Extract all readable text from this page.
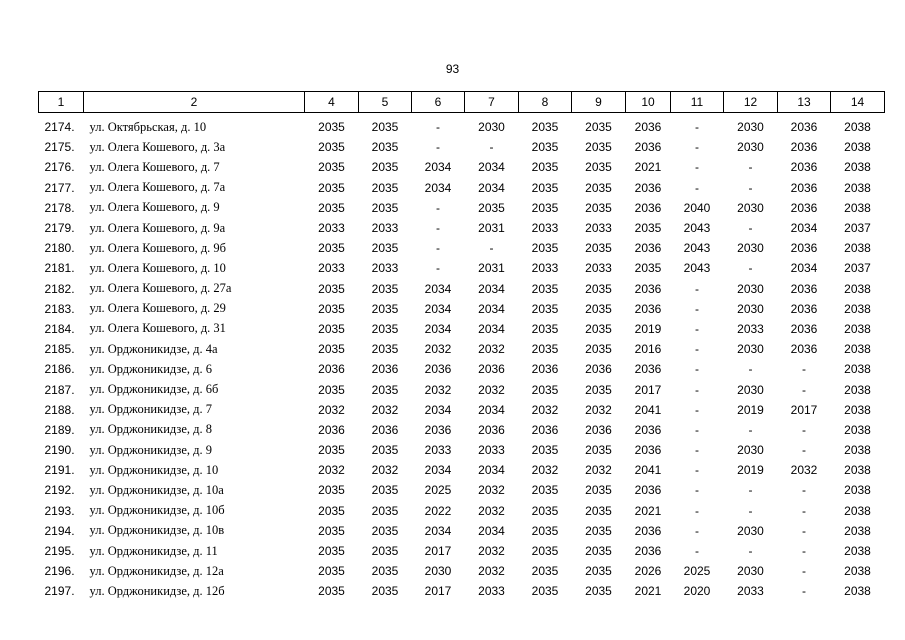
93
1	2	4	5	6	7	8	9	10	11	12	13	14
2174.	ул. Октябрьская, д. 10	2035	2035	-	2030	2035	2035	2036	-	2030	2036	2038
2175.	ул. Олега Кошевого, д. 3а	2035	2035	-	-	2035	2035	2036	-	2030	2036	2038
2176.	ул. Олега Кошевого, д. 7	2035	2035	2034	2034	2035	2035	2021	-	-	2036	2038
2177.	ул. Олега Кошевого, д. 7а	2035	2035	2034	2034	2035	2035	2036	-	-	2036	2038
2178.	ул. Олега Кошевого, д. 9	2035	2035	-	2035	2035	2035	2036	2040	2030	2036	2038
2179.	ул. Олега Кошевого, д. 9а	2033	2033	-	2031	2033	2033	2035	2043	-	2034	2037
2180.	ул. Олега Кошевого, д. 9б	2035	2035	-	-	2035	2035	2036	2043	2030	2036	2038
2181.	ул. Олега Кошевого, д. 10	2033	2033	-	2031	2033	2033	2035	2043	-	2034	2037
2182.	ул. Олега Кошевого, д. 27а	2035	2035	2034	2034	2035	2035	2036	-	2030	2036	2038
2183.	ул. Олега Кошевого, д. 29	2035	2035	2034	2034	2035	2035	2036	-	2030	2036	2038
2184.	ул. Олега Кошевого, д. 31	2035	2035	2034	2034	2035	2035	2019	-	2033	2036	2038
2185.	ул. Орджоникидзе, д. 4а	2035	2035	2032	2032	2035	2035	2016	-	2030	2036	2038
2186.	ул. Орджоникидзе, д. 6	2036	2036	2036	2036	2036	2036	2036	-	-	-	2038
2187.	ул. Орджоникидзе, д. 6б	2035	2035	2032	2032	2035	2035	2017	-	2030	-	2038
2188.	ул. Орджоникидзе, д. 7	2032	2032	2034	2034	2032	2032	2041	-	2019	2017	2038
2189.	ул. Орджоникидзе, д. 8	2036	2036	2036	2036	2036	2036	2036	-	-	-	2038
2190.	ул. Орджоникидзе, д. 9	2035	2035	2033	2033	2035	2035	2036	-	2030	-	2038
2191.	ул. Орджоникидзе, д. 10	2032	2032	2034	2034	2032	2032	2041	-	2019	2032	2038
2192.	ул. Орджоникидзе, д. 10а	2035	2035	2025	2032	2035	2035	2036	-	-	-	2038
2193.	ул. Орджоникидзе, д. 10б	2035	2035	2022	2032	2035	2035	2021	-	-	-	2038
2194.	ул. Орджоникидзе, д. 10в	2035	2035	2034	2034	2035	2035	2036	-	2030	-	2038
2195.	ул. Орджоникидзе, д. 11	2035	2035	2017	2032	2035	2035	2036	-	-	-	2038
2196.	ул. Орджоникидзе, д. 12а	2035	2035	2030	2032	2035	2035	2026	2025	2030	-	2038
2197.	ул. Орджоникидзе, д. 12б	2035	2035	2017	2033	2035	2035	2021	2020	2033	-	2038
